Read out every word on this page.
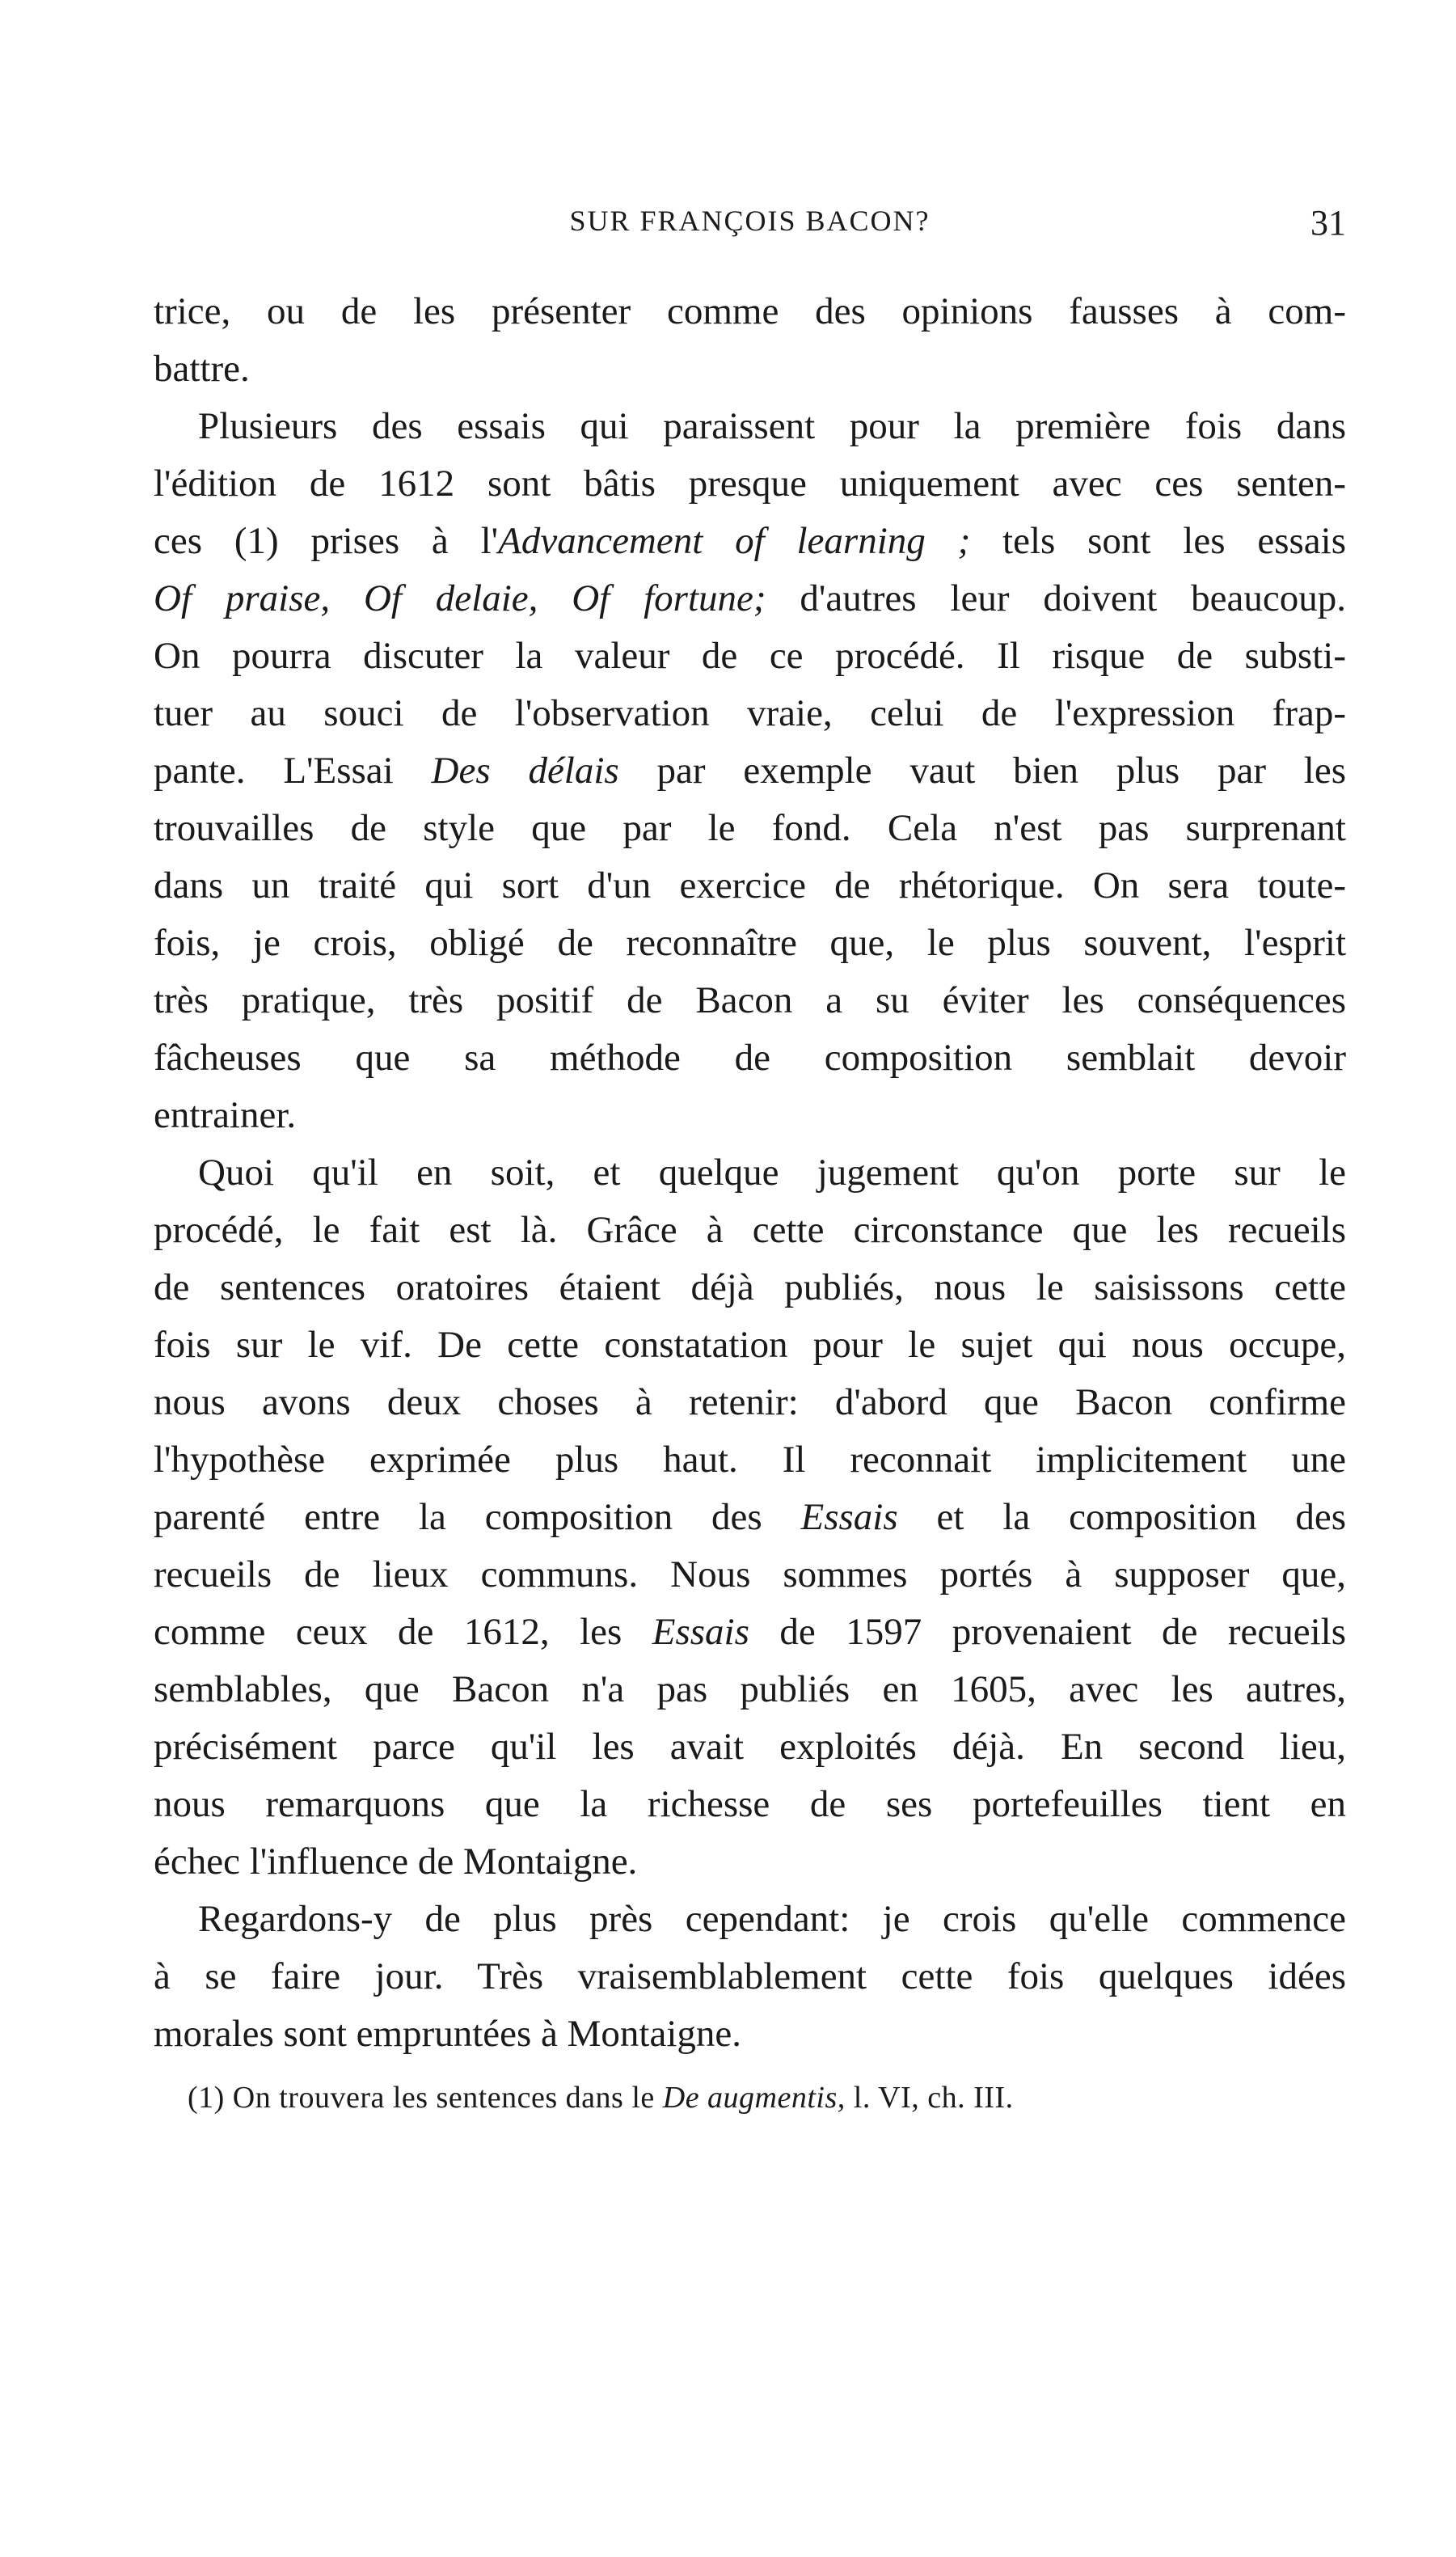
SUR FRANÇOIS BACON?	31
trice, ou de les présenter comme des opinions fausses à com-
battre.
Plusieurs des essais qui paraissent pour la première fois dans
l'édition de 1612 sont bâtis presque uniquement avec ces senten-
ces (1) prises à l'Advancement of learning ; tels sont les essais
Of praise, Of delaie, Of fortune; d'autres leur doivent beaucoup.
On pourra discuter la valeur de ce procédé. Il risque de substi-
tuer au souci de l'observation vraie, celui de l'expression frap-
pante. L'Essai Des délais par exemple vaut bien plus par les
trouvailles de style que par le fond. Cela n'est pas surprenant
dans un traité qui sort d'un exercice de rhétorique. On sera toute-
fois, je crois, obligé de reconnaître que, le plus souvent, l'esprit
très pratique, très positif de Bacon a su éviter les conséquences
fâcheuses que sa méthode de composition semblait devoir
entrainer.
Quoi qu'il en soit, et quelque jugement qu'on porte sur le
procédé, le fait est là. Grâce à cette circonstance que les recueils
de sentences oratoires étaient déjà publiés, nous le saisissons cette
fois sur le vif. De cette constatation pour le sujet qui nous occupe,
nous avons deux choses à retenir: d'abord que Bacon confirme
l'hypothèse exprimée plus haut. Il reconnait implicitement une
parenté entre la composition des Essais et la composition des
recueils de lieux communs. Nous sommes portés à supposer que,
comme ceux de 1612, les Essais de 1597 provenaient de recueils
semblables, que Bacon n'a pas publiés en 1605, avec les autres,
précisément parce qu'il les avait exploités déjà. En second lieu,
nous remarquons que la richesse de ses portefeuilles tient en
échec l'influence de Montaigne.
Regardons-y de plus près cependant: je crois qu'elle commence
à se faire jour. Très vraisemblablement cette fois quelques idées
morales sont empruntées à Montaigne.
(1) On trouvera les sentences dans le De augmentis, l. VI, ch. III.
